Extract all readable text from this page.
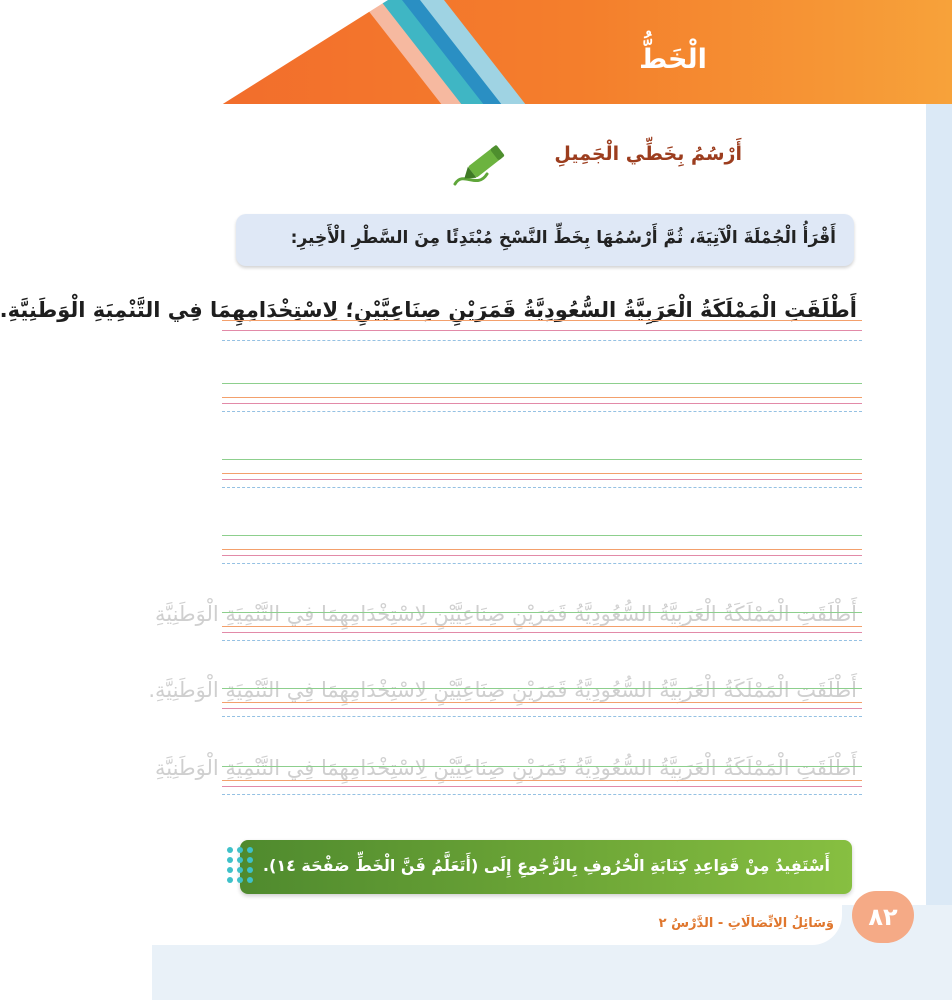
الْخَطُّ
أَرْسُمُ بِخَطِّي الْجَمِيلِ
أَقْرَأُ الْجُمْلَةَ الْآتِيَةَ، ثُمَّ أَرْسُمُهَا بِخَطِّ النَّسْخِ مُبْتَدِئًا مِنَ السَّطْرِ الْأَخِيرِ:
أَطْلَقَتِ الْمَمْلَكَةُ الْعَرَبِيَّةُ السُّعُودِيَّةُ قَمَرَيْنِ صِنَاعِيَّيْنِ؛ لِاسْتِخْدَامِهِمَا فِي التَّنْمِيَةِ الْوَطَنِيَّةِ.
أَطْلَقَتِ الْمَمْلَكَةُ الْعَرَبِيَّةُ السُّعُودِيَّةُ قَمَرَيْنِ صِنَاعِيَّيْنِ لِاسْتِخْدَامِهِمَا فِي التَّنْمِيَةِ الْوَطَنِيَّةِ
أَطْلَقَتِ الْمَمْلَكَةُ الْعَرَبِيَّةُ السُّعُودِيَّةُ قَمَرَيْنِ صِنَاعِيَّيْنِ لِاسْتِخْدَامِهِمَا فِي التَّنْمِيَةِ الْوَطَنِيَّةِ.
أَطْلَقَتِ الْمَمْلَكَةُ الْعَرَبِيَّةُ السُّعُودِيَّةُ قَمَرَيْنِ صِنَاعِيَّيْنِ لِاسْتِخْدَامِهِمَا فِي التَّنْمِيَةِ الْوَطَنِيَّةِ
أَسْتَفِيدُ مِنْ قَوَاعِدِ كِتَابَةِ الْحُرُوفِ بِالرُّجُوعِ إِلَى (أَتَعَلَّمُ فَنَّ الْخَطِّ صَفْحَة ١٤).
٨٢
وَسَائِلُ الِاتِّصَالَاتِ - الدَّرْسُ ٢
